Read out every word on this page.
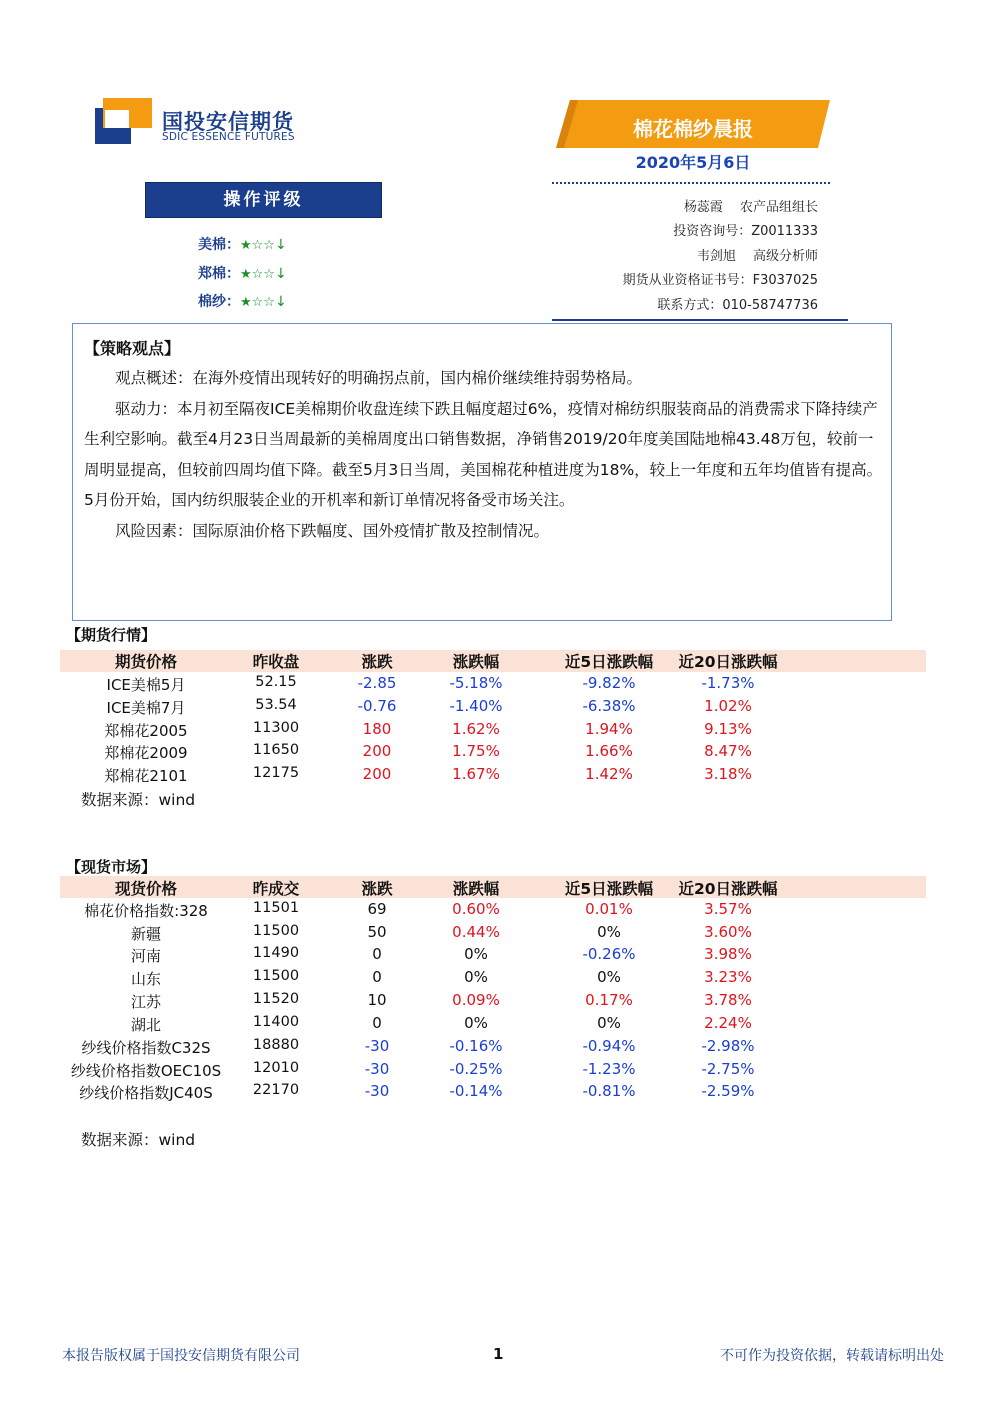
国投安信期货
SDIC ESSENCE FUTURES	棉花棉纱晨报
2020年5月6日
操作评级
美棉：★☆☆↓
郑棉：★☆☆↓
棉纱：★☆☆↓
杨蕊霞　 农产品组组长
投资咨询号：Z0011333
韦剑旭　 高级分析师
期货从业资格证书号：F3037025
联系方式：010-58747736
【策略观点】

观点概述：在海外疫情出现转好的明确拐点前，国内棉价继续维持弱势格局。

驱动力：本月初至隔夜ICE美棉期价收盘连续下跌且幅度超过6%，疫情对棉纺织服装商品的消费需求下降持续产生利空影响。截至4月23日当周最新的美棉周度出口销售数据，净销售2019/20年度美国陆地棉43.48万包，较前一周明显提高，但较前四周均值下降。截至5月3日当周，美国棉花种植进度为18%，较上一年度和五年均值皆有提高。5月份开始，国内纺织服装企业的开机率和新订单情况将备受市场关注。

风险因素：国际原油价格下跌幅度、国外疫情扩散及控制情况。

【期货行情】
期货价格	昨收盘	涨跌	涨跌幅	近5日涨跌幅	近20日涨跌幅
ICE美棉5月	52.15	-2.85	-5.18%	-9.82%	-1.73%
ICE美棉7月	53.54	-0.76	-1.40%	-6.38%	1.02%
郑棉花2005	11300	180	1.62%	1.94%	9.13%
郑棉花2009	11650	200	1.75%	1.66%	8.47%
郑棉花2101	12175	200	1.67%	1.42%	3.18%
数据来源：wind
【现货市场】
现货价格	昨成交	涨跌	涨跌幅	近5日涨跌幅	近20日涨跌幅
棉花价格指数:328	11501	69	0.60%	0.01%	3.57%
新疆	11500	50	0.44%	0%	3.60%
河南	11490	0	0%	-0.26%	3.98%
山东	11500	0	0%	0%	3.23%
江苏	11520	10	0.09%	0.17%	3.78%
湖北	11400	0	0%	0%	2.24%
纱线价格指数C32S	18880	-30	-0.16%	-0.94%	-2.98%
纱线价格指数OEC10S	12010	-30	-0.25%	-1.23%	-2.75%
纱线价格指数JC40S	22170	-30	-0.14%	-0.81%	-2.59%
数据来源：wind
本报告版权属于国投安信期货有限公司	1	不可作为投资依据，转载请标明出处
